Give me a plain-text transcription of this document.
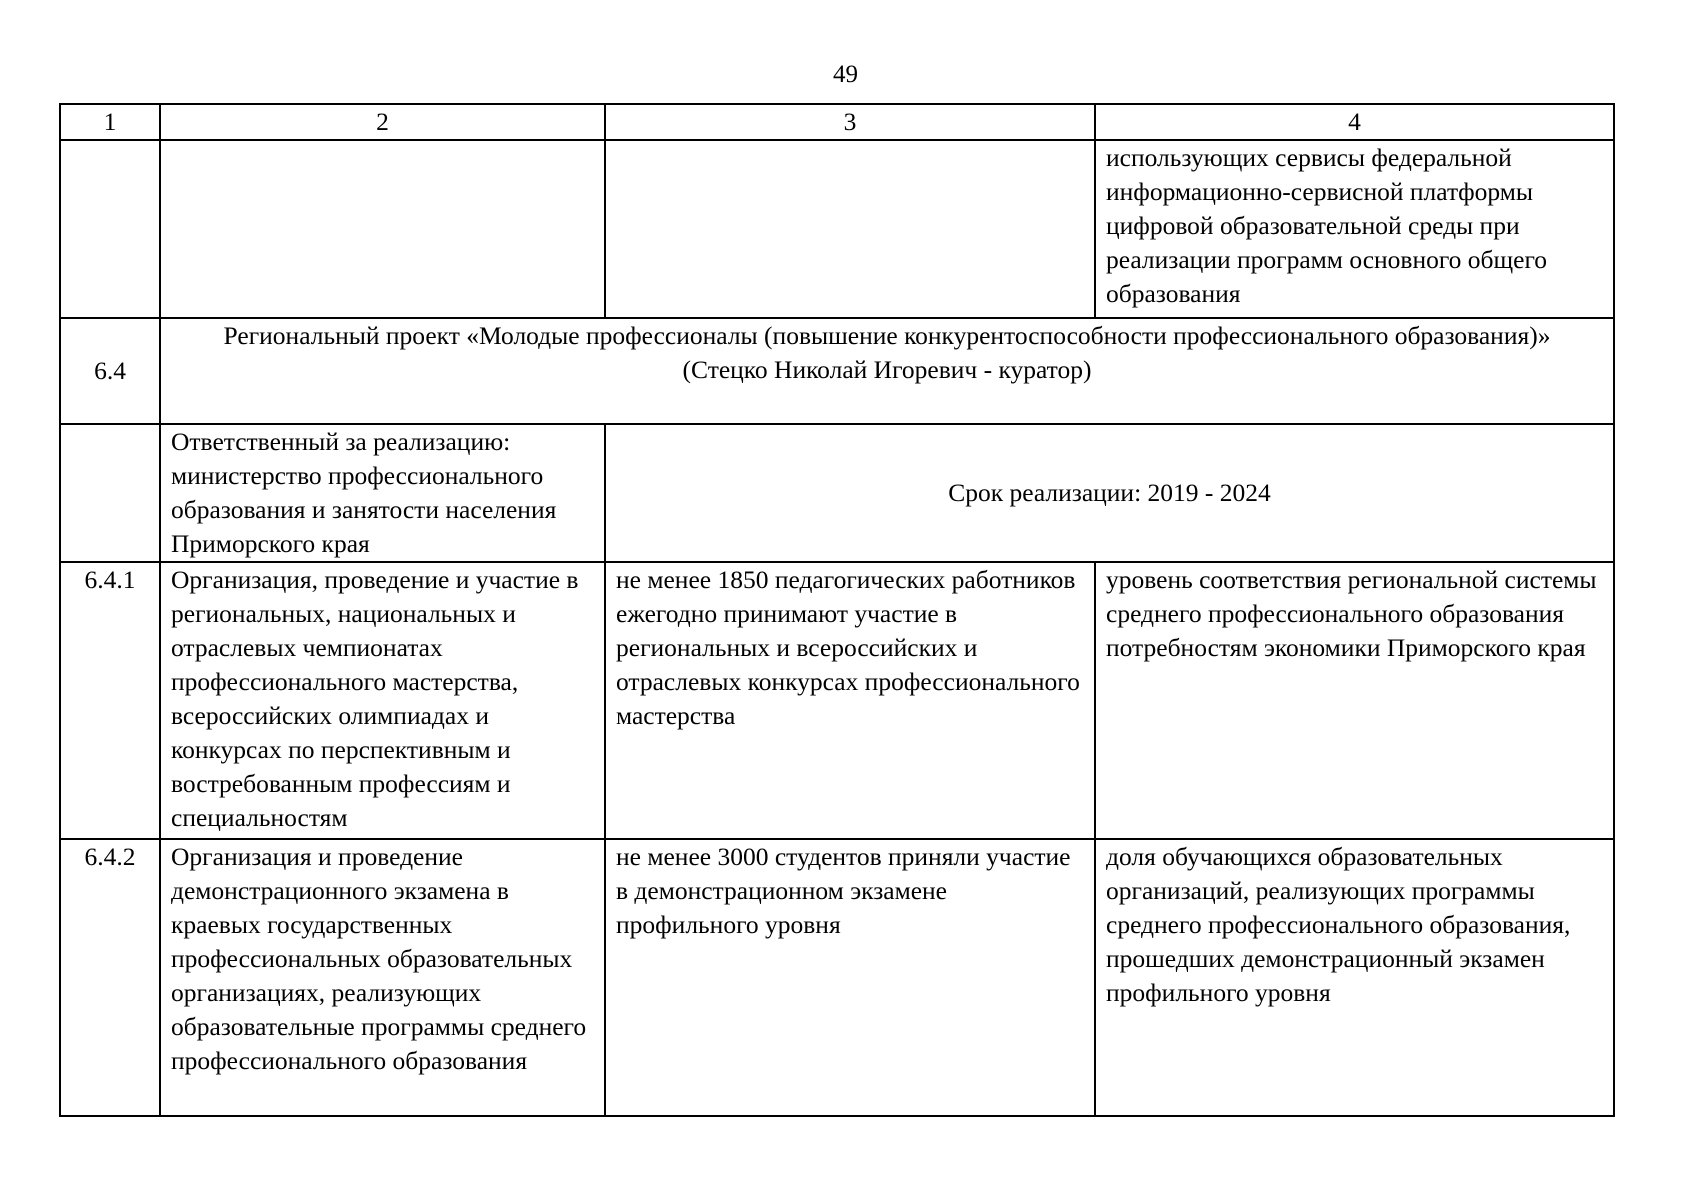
49
1	2	3	4
			использующих сервисы федеральной информационно-сервисной платформы цифровой образовательной среды при реализации программ основного общего образования
6.4	Региональный проект «Молодые профессионалы (повышение конкурентоспособности профессионального образования)»
(Стецко Николай Игоревич - куратор)		

	Ответственный за реализацию: министерство профессионального образования и занятости населения Приморского края	Срок реализации: 2019 - 2024	
6.4.1	Организация, проведение и участие в региональных, национальных и отраслевых чемпионатах профессионального мастерства, всероссийских олимпиадах и конкурсах по перспективным и востребованным профессиям и специальностям	не менее 1850 педагогических работников ежегодно принимают участие в региональных и всероссийских и отраслевых конкурсах профессионального мастерства	уровень соответствия региональной системы среднего профессионального образования потребностям экономики Приморского края
6.4.2	Организация и проведение демонстрационного экзамена в краевых государственных профессиональных образовательных организациях, реализующих образовательные программы среднего профессионального образования	не менее 3000 студентов приняли участие в демонстрационном экзамене профильного уровня	доля обучающихся образовательных организаций, реализующих программы среднего профессионального образования, прошедших демонстрационный экзамен профильного уровня
